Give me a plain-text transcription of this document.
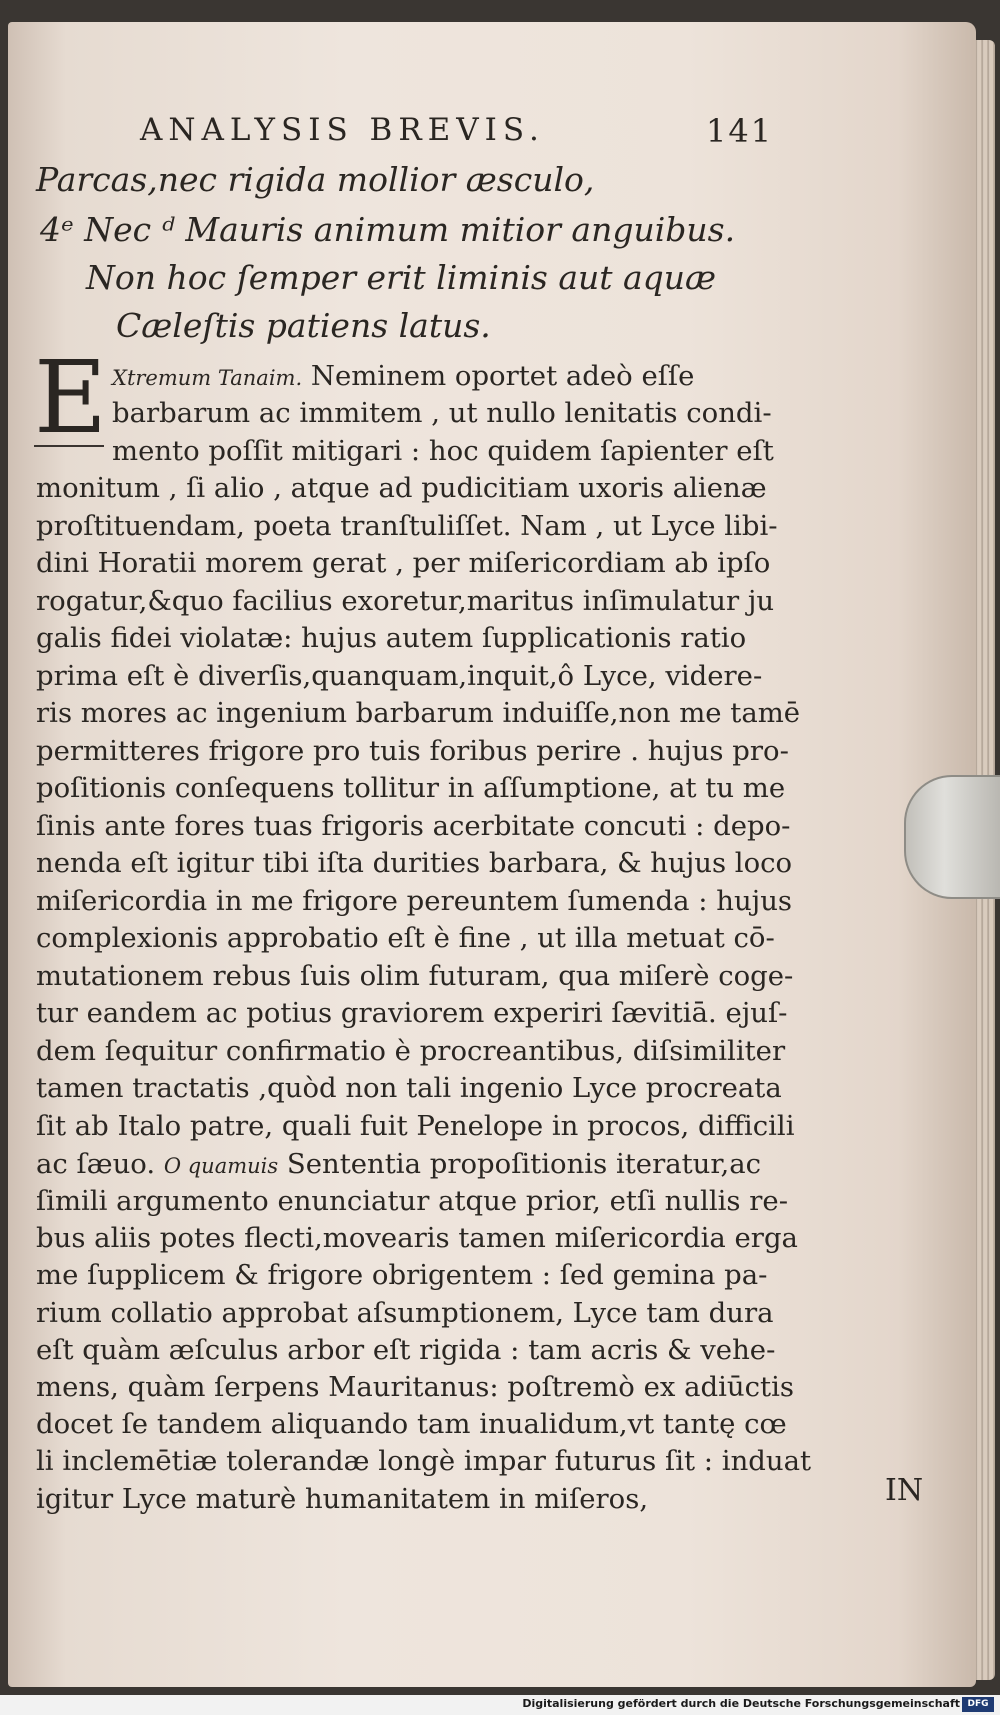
ANALYSIS BREVIS.	141
Parcas,nec rigida mollior æsculo,
4ᵉ Nec ᵈ Mauris animum mitior anguibus.
Non hoc ſemper erit liminis aut aquæ
Cæleſtis patiens latus.
E Xtremum Tanaim. Neminem oportet adeò eſſe
barbarum ac immitem , ut nullo lenitatis condi-
mento poſſit mitigari : hoc quidem ſapienter eſt
monitum , ſi alio , atque ad pudicitiam uxoris alienæ
proſtituendam, poeta tranſtuliſſet. Nam , ut Lyce libi-
dini Horatii morem gerat , per miſericordiam ab ipſo
rogatur,&quo facilius exoretur,maritus inſimulatur ju
galis fidei violatæ: hujus autem ſupplicationis ratio
prima eſt è diverſis,quanquam,inquit,ô Lyce, videre-
ris mores ac ingenium barbarum induiſſe,non me tamē
permitteres frigore pro tuis foribus perire . hujus pro-
poſitionis conſequens tollitur in aſſumptione, at tu me
ſinis ante fores tuas frigoris acerbitate concuti : depo-
nenda eſt igitur tibi iſta durities barbara, & hujus loco
miſericordia in me frigore pereuntem ſumenda : hujus
complexionis approbatio eſt è fine , ut illa metuat cō-
mutationem rebus ſuis olim futuram, qua miſerè coge-
tur eandem ac potius graviorem experiri ſævitiā. ejuſ-
dem ſequitur confirmatio è procreantibus, diſsimiliter
tamen tractatis ,quòd non tali ingenio Lyce procreata
ſit ab Italo patre, quali fuit Penelope in procos, difficili
ac ſæuo. O quamuis Sententia propoſitionis iteratur,ac
ſimili argumento enunciatur atque prior, etſi nullis re-
bus aliis potes flecti,movearis tamen miſericordia erga
me ſupplicem & frigore obrigentem : ſed gemina pa-
rium collatio approbat aſsumptionem, Lyce tam dura
eſt quàm æſculus arbor eſt rigida : tam acris & vehe-
mens, quàm ſerpens Mauritanus: poſtremò ex adiūctis
docet ſe tandem aliquando tam inualidum,vt tantę cœ
li inclemētiæ tolerandæ longè impar futurus ſit : induat
igitur Lyce maturè humanitatem in miſeros,	IN
Digitalisierung gefördert durch die Deutsche Forschungsgemeinschaft DFG
